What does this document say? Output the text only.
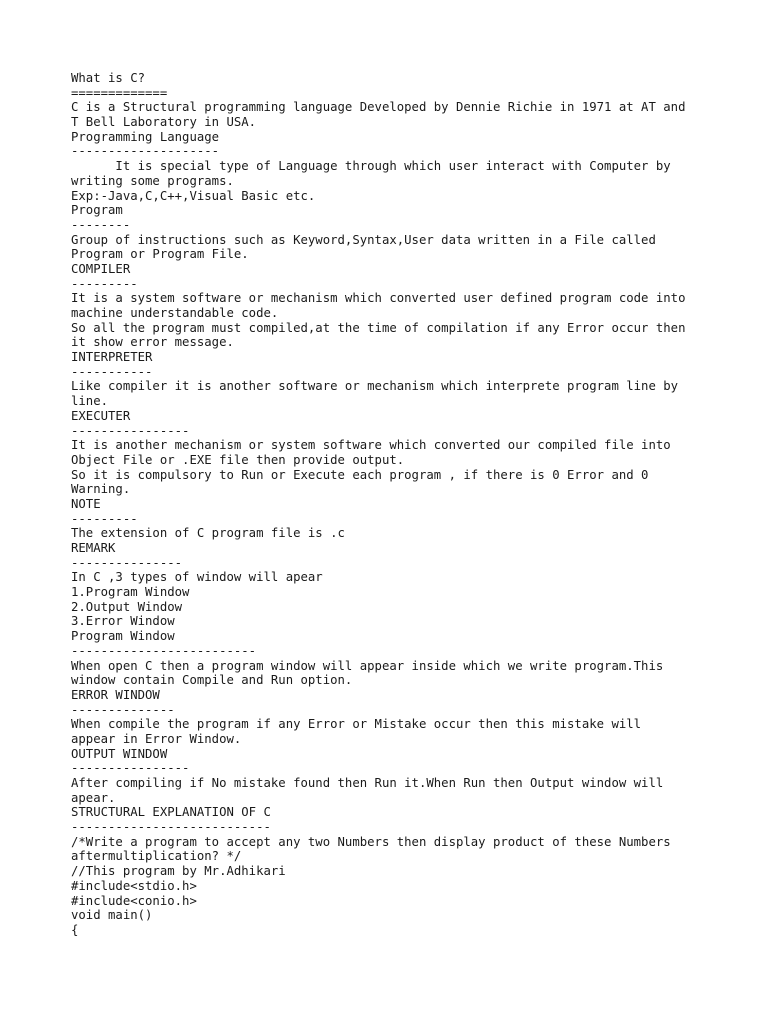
What is C?
=============
C is a Structural programming language Developed by Dennie Richie in 1971 at AT and
T Bell Laboratory in USA.
Programming Language
--------------------
It is special type of Language through which user interact with Computer by
writing some programs.
Exp:-Java,C,C++,Visual Basic etc.
Program
--------
Group of instructions such as Keyword,Syntax,User data written in a File called
Program or Program File.
COMPILER
---------
It is a system software or mechanism which converted user defined program code into
machine understandable code.
So all the program must compiled,at the time of compilation if any Error occur then
it show error message.
INTERPRETER
-----------
Like compiler it is another software or mechanism which interprete program line by
line.
EXECUTER
----------------
It is another mechanism or system software which converted our compiled file into
Object File or .EXE file then provide output.
So it is compulsory to Run or Execute each program , if there is 0 Error and 0
Warning.
NOTE
---------
The extension of C program file is .c
REMARK
---------------
In C ,3 types of window will apear
1.Program Window
2.Output Window
3.Error Window
Program Window
-------------------------
When open C then a program window will appear inside which we write program.This
window contain Compile and Run option.
ERROR WINDOW
--------------
When compile the program if any Error or Mistake occur then this mistake will
appear in Error Window.
OUTPUT WINDOW
----------------
After compiling if No mistake found then Run it.When Run then Output window will
apear.
STRUCTURAL EXPLANATION OF C
---------------------------
/*Write a program to accept any two Numbers then display product of these Numbers
aftermultiplication? */
//This program by Mr.Adhikari
#include<stdio.h>
#include<conio.h>
void main()
{
